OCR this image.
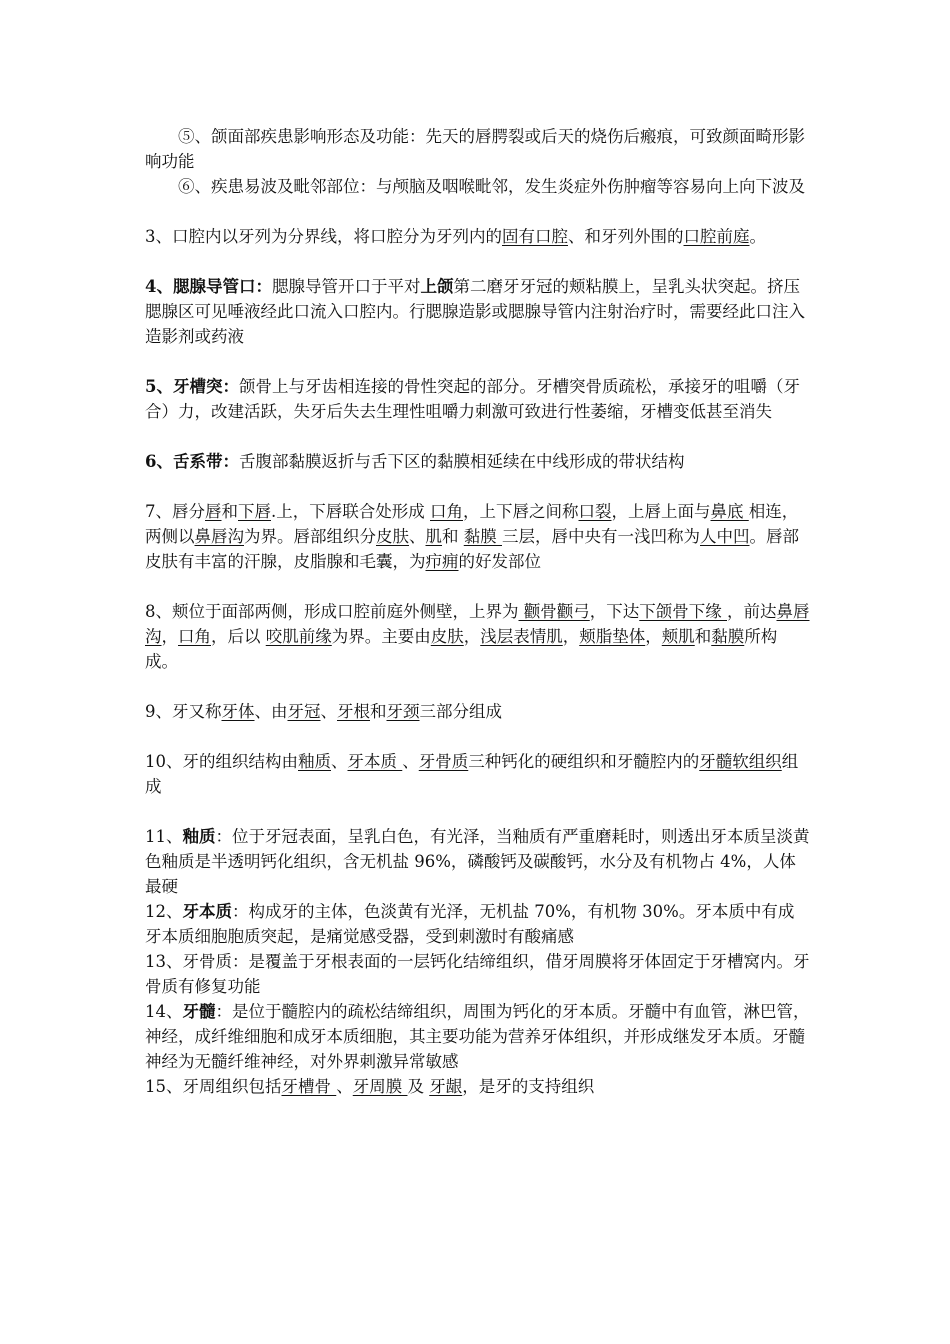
⑤、颌面部疾患影响形态及功能：先天的唇腭裂或后天的烧伤后瘢痕，可致颜面畸形影响功能

⑥、疾患易波及毗邻部位：与颅脑及咽喉毗邻，发生炎症外伤肿瘤等容易向上向下波及

3、口腔内以牙列为分界线，将口腔分为牙列内的固有口腔、和牙列外围的口腔前庭。

4、腮腺导管口：腮腺导管开口于平对上颌第二磨牙牙冠的颊粘膜上，呈乳头状突起。挤压腮腺区可见唾液经此口流入口腔内。行腮腺造影或腮腺导管内注射治疗时，需要经此口注入造影剂或药液

5、牙槽突：颌骨上与牙齿相连接的骨性突起的部分。牙槽突骨质疏松，承接牙的咀嚼（牙合）力，改建活跃，失牙后失去生理性咀嚼力刺激可致进行性萎缩，牙槽变低甚至消失

6、舌系带：舌腹部黏膜返折与舌下区的黏膜相延续在中线形成的带状结构

7、唇分唇和下唇.上，下唇联合处形成 口角，上下唇之间称口裂，上唇上面与鼻底 相连， 两侧以鼻唇沟为界。唇部组织分皮肤、肌和 黏膜 三层，唇中央有一浅凹称为人中凹。唇部皮肤有丰富的汗腺，皮脂腺和毛囊，为疖痈的好发部位

8、颊位于面部两侧，形成口腔前庭外侧壁，上界为 颧骨颧弓，下达下颌骨下缘 ，前达鼻唇沟，口角，后以 咬肌前缘为界。主要由皮肤，浅层表情肌，颊脂垫体，颊肌和黏膜所构成。

9、牙又称牙体、由牙冠、牙根和牙颈三部分组成

10、牙的组织结构由釉质、牙本质 、牙骨质三种钙化的硬组织和牙髓腔内的牙髓软组织组成

11、釉质：位于牙冠表面，呈乳白色，有光泽，当釉质有严重磨耗时，则透出牙本质呈淡黄色釉质是半透明钙化组织，含无机盐 96%，磷酸钙及碳酸钙，水分及有机物占 4%，人体最硬

12、牙本质：构成牙的主体，色淡黄有光泽，无机盐 70%，有机物 30%。牙本质中有成牙本质细胞胞质突起，是痛觉感受器，受到刺激时有酸痛感

13、牙骨质：是覆盖于牙根表面的一层钙化结缔组织，借牙周膜将牙体固定于牙槽窝内。牙骨质有修复功能

14、牙髓：是位于髓腔内的疏松结缔组织，周围为钙化的牙本质。牙髓中有血管，淋巴管，神经，成纤维细胞和成牙本质细胞，其主要功能为营养牙体组织，并形成继发牙本质。牙髓神经为无髓纤维神经，对外界刺激异常敏感

15、牙周组织包括牙槽骨 、牙周膜 及 牙龈，是牙的支持组织
